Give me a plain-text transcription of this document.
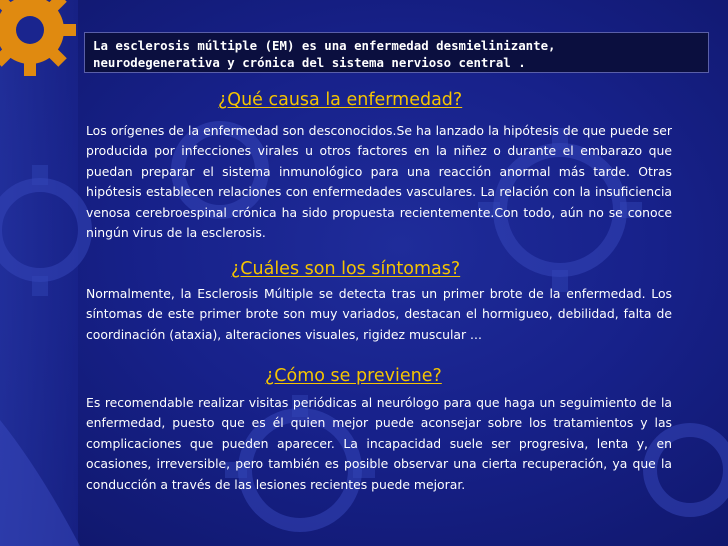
La esclerosis múltiple (EM) es una enfermedad desmielinizante,
neurodegenerativa y crónica del sistema nervioso central .
¿Qué causa la enfermedad?

Los orígenes de la enfermedad son desconocidos.Se ha lanzado la hipótesis de que puede ser producida por infecciones virales u otros factores en la niñez o durante el embarazo que puedan preparar el sistema inmunológico para una reacción anormal más tarde. Otras hipótesis establecen relaciones con enfermedades vasculares. La relación con la insuficiencia venosa cerebroespinal crónica ha sido propuesta recientemente.Con todo, aún no se conoce ningún virus de la esclerosis.

¿Cuáles son los síntomas?

Normalmente, la Esclerosis Múltiple se detecta tras un primer brote de la enfermedad. Los síntomas de este primer brote son muy variados, destacan el hormigueo, debilidad, falta de coordinación (ataxia), alteraciones visuales, rigidez muscular ...

¿Cómo se previene?

Es recomendable realizar visitas periódicas al neurólogo para que haga un seguimiento de la enfermedad, puesto que es él quien mejor puede aconsejar sobre los tratamientos y las complicaciones que pueden aparecer. La incapacidad suele ser progresiva, lenta y, en ocasiones, irreversible, pero también es posible observar una cierta recuperación, ya que la conducción a través de las lesiones recientes puede mejorar.
